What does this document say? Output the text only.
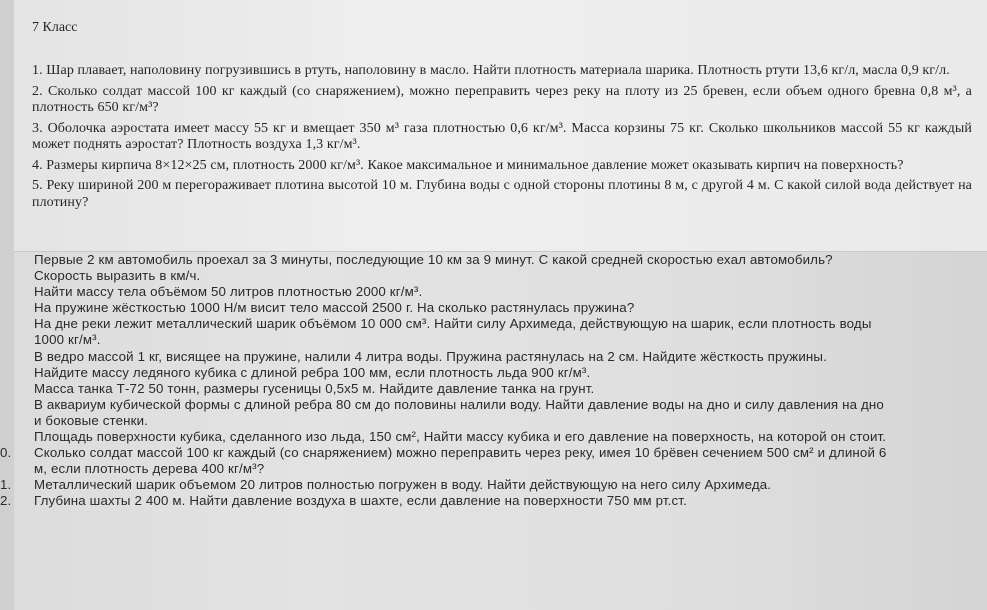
7 Класс

1. Шар плавает, наполовину погрузившись в ртуть, наполовину в масло. Найти плотность материала шарика. Плотность ртути 13,6 кг/л, масла 0,9 кг/л.

2. Сколько солдат массой 100 кг каждый (со снаряжением), можно переправить через реку на плоту из 25 бревен, если объем одного бревна 0,8 м³, а плотность 650 кг/м³?

3. Оболочка аэростата имеет массу 55 кг и вмещает 350 м³ газа плотностью 0,6 кг/м³. Масса корзины 75 кг. Сколько школьников массой 55 кг каждый может поднять аэростат? Плотность воздуха 1,3 кг/м³.

4. Размеры кирпича 8×12×25 см, плотность 2000 кг/м³. Какое максимальное и минимальное давление может оказывать кирпич на поверхность?

5. Реку шириной 200 м перегораживает плотина высотой 10 м. Глубина воды с одной стороны плотины 8 м, с другой 4 м. С какой силой вода действует на плотину?

Первые 2 км автомобиль проехал за 3 минуты, последующие 10 км за 9 минут. С какой средней скоростью ехал автомобиль? Скорость выразить в км/ч.
Найти массу тела объёмом 50 литров плотностью 2000 кг/м³.
На пружине жёсткостью 1000 Н/м висит тело массой 2500 г. На сколько растянулась пружина?
На дне реки лежит металлический шарик объёмом 10 000 см³. Найти силу Архимеда, действующую на шарик, если плотность воды 1000 кг/м³.
В ведро массой 1 кг, висящее на пружине, налили 4 литра воды. Пружина растянулась на 2 см. Найдите жёсткость пружины.
Найдите массу ледяного кубика с длиной ребра 100 мм, если плотность льда 900 кг/м³.
Масса танка Т-72 50 тонн, размеры гусеницы 0,5х5 м. Найдите давление танка на грунт.
В аквариум кубической формы с длиной ребра 80 см до половины налили воду. Найти давление воды на дно и силу давления на дно и боковые стенки.
Площадь поверхности кубика, сделанного изо льда, 150 см², Найти массу кубика и его давление на поверхность, на которой он стоит.
0. Сколько солдат массой 100 кг каждый (со снаряжением) можно переправить через реку, имея 10 брёвен сечением 500 см² и длиной 6 м, если плотность дерева 400 кг/м³?
1. Металлический шарик объемом 20 литров полностью погружен в воду. Найти действующую на него силу Архимеда.
2. Глубина шахты 2 400 м. Найти давление воздуха в шахте, если давление на поверхности 750 мм рт.ст.
